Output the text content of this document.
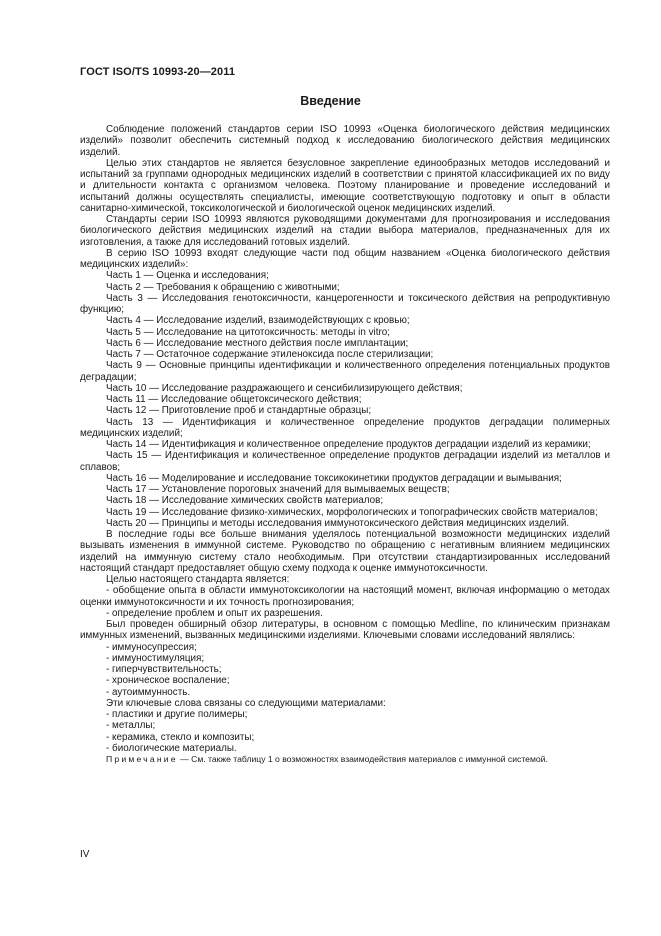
ГОСТ ISO/TS 10993-20—2011
Введение

Соблюдение положений стандартов серии ISO 10993 «Оценка биологического действия медицинских изделий» позволит обеспечить системный подход к исследованию биологического действия медицинских изделий.

Целью этих стандартов не является безусловное закрепление единообразных методов исследований и испытаний за группами однородных медицинских изделий в соответствии с принятой классификацией их по виду и длительности контакта с организмом человека. Поэтому планирование и проведение исследований и испытаний должны осуществлять специалисты, имеющие соответствующую подготовку и опыт в области санитарно-химической, токсикологической и биологической оценок медицинских изделий.

Стандарты серии ISO 10993 являются руководящими документами для прогнозирования и исследования биологического действия медицинских изделий на стадии выбора материалов, предназначенных для их изготовления, а также для исследований готовых изделий.

В серию ISO 10993 входят следующие части под общим названием «Оценка биологического действия медицинских изделий»:

Часть 1 — Оценка и исследования;

Часть 2 — Требования к обращению с животными;

Часть 3 — Исследования генотоксичности, канцерогенности и токсического действия на репродуктивную функцию;

Часть 4 — Исследование изделий, взаимодействующих с кровью;

Часть 5 — Исследование на цитотоксичность: методы in vitro;

Часть 6 — Исследование местного действия после имплантации;

Часть 7 — Остаточное содержание этиленоксида после стерилизации;

Часть 9 — Основные принципы идентификации и количественного определения потенциальных продуктов деградации;

Часть 10 — Исследование раздражающего и сенсибилизирующего действия;

Часть 11 — Исследование общетоксического действия;

Часть 12 — Приготовление проб и стандартные образцы;

Часть 13 — Идентификация и количественное определение продуктов деградации полимерных медицинских изделий;

Часть 14 — Идентификация и количественное определение продуктов деградации изделий из керамики;

Часть 15 — Идентификация и количественное определение продуктов деградации изделий из металлов и сплавов;

Часть 16 — Моделирование и исследование токсикокинетики продуктов деградации и вымывания;

Часть 17 — Установление пороговых значений для вымываемых веществ;

Часть 18 — Исследование химических свойств материалов;

Часть 19 — Исследование физико-химических, морфологических и топографических свойств материалов;

Часть 20 — Принципы и методы исследования иммунотоксического действия медицинских изделий.

В последние годы все больше внимания уделялось потенциальной возможности медицинских изделий вызывать изменения в иммунной системе. Руководство по обращению с негативным влиянием медицинских изделий на иммунную систему стало необходимым. При отсутствии стандартизированных исследований настоящий стандарт предоставляет общую схему подхода к оценке иммунотоксичности.

Целью настоящего стандарта является:

- обобщение опыта в области иммунотоксикологии на настоящий момент, включая информацию о методах оценки иммунотоксичности и их точность прогнозирования;

- определение проблем и опыт их разрешения.

Был проведен обширный обзор литературы, в основном с помощью Medline, по клиническим признакам иммунных изменений, вызванных медицинскими изделиями. Ключевыми словами исследований являлись:

- иммуносупрессия;

- иммуностимуляция;

- гиперчувствительность;

- хроническое воспаление;

- аутоиммунность.

Эти ключевые слова связаны со следующими материалами:

- пластики и другие полимеры;

- металлы;

- керамика, стекло и композиты;

- биологические материалы.

Примечание — См. также таблицу 1 о возможностях взаимодействия материалов с иммунной системой.

IV
